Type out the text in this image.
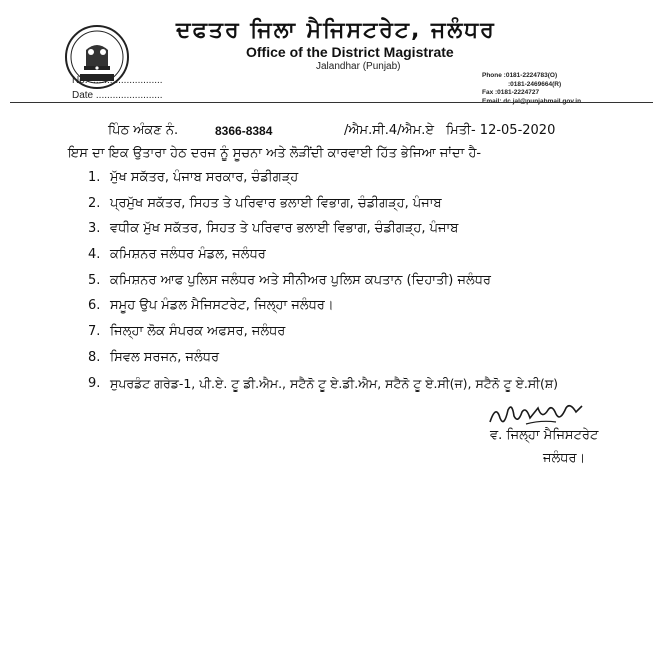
ਦਫਤਰ ਜਿਲਾ ਮੈਜਿਸਟਰੇਟ, ਜਲੰਧਰ
Office of the District Magistrate
Jalandhar (Punjab)
No. ..........................
Date ........................
Phone :0181-2224783(O)
:0181-2469664(R)
Fax :0181-2224727
Email: dc.jal@punjabmail.gov.in
ਪਿੰਠ ਅੰਕਣ ਨੰ.	8366-8384	/ਐਮ.ਸੀ.4/ਐਮ.ਏ ਮਿਤੀ- 12-05-2020
ਇਸ ਦਾ ਇਕ ਉਤਾਰਾ ਹੇਠ ਦਰਜ ਨੂੰ ਸੂਚਨਾ ਅਤੇ ਲੋੜੀਂਦੀ ਕਾਰਵਾਈ ਹਿੱਤ ਭੇਜਿਆ ਜਾਂਦਾ ਹੈ-
1. ਮੁੱਖ ਸਕੱਤਰ, ਪੰਜਾਬ ਸਰਕਾਰ, ਚੰਡੀਗੜ੍ਹ
2. ਪ੍ਰਮੁੱਖ ਸਕੱਤਰ, ਸਿਹਤ ਤੇ ਪਰਿਵਾਰ ਭਲਾਈ ਵਿਭਾਗ, ਚੰਡੀਗੜ੍ਹ, ਪੰਜਾਬ
3. ਵਧੀਕ ਮੁੱਖ ਸਕੱਤਰ, ਸਿਹਤ ਤੇ ਪਰਿਵਾਰ ਭਲਾਈ ਵਿਭਾਗ, ਚੰਡੀਗੜ੍ਹ, ਪੰਜਾਬ
4. ਕਮਿਸ਼ਨਰ ਜਲੰਧਰ ਮੰਡਲ, ਜਲੰਧਰ
5. ਕਮਿਸ਼ਨਰ ਆਫ ਪੁਲਿਸ ਜਲੰਧਰ ਅਤੇ ਸੀਨੀਅਰ ਪੁਲਿਸ ਕਪਤਾਨ (ਦਿਹਾਤੀ) ਜਲੰਧਰ
6. ਸਮੂਹ ਉਪ ਮੰਡਲ ਮੈਜਿਸਟਰੇਟ, ਜਿਲ੍ਹਾ ਜਲੰਧਰ।
7. ਜਿਲ੍ਹਾ ਲੋਕ ਸੰਪਰਕ ਅਫਸਰ, ਜਲੰਧਰ
8. ਸਿਵਲ ਸਰਜਨ, ਜਲੰਧਰ
9. ਸੁਪਰਡੰਟ ਗਰੇਡ-1, ਪੀ.ਏ. ਟੂ ਡੀ.ਐਮ., ਸਟੈਨੋ ਟੂ ਏ.ਡੀ.ਐਮ, ਸਟੈਨੋ ਟੂ ਏ.ਸੀ(ਜ), ਸਟੈਨੋ ਟੂ ਏ.ਸੀ(ਸ਼)
ਵ. ਜਿਲ੍ਹਾ ਮੈਜਿਸਟਰੇਟ
ਜਲੰਧਰ।
